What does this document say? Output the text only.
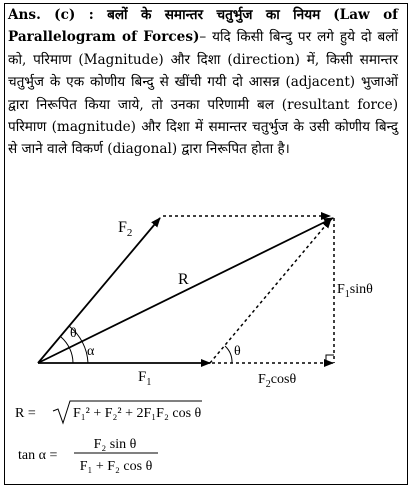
Ans. (c) : बलों के समान्तर चतुर्भुज का नियम (Law of Parallelogram of Forces)– यदि किसी बिन्दु पर लगे हुये दो बलों को, परिमाण (Magnitude) और दिशा (direction) में, किसी समान्तर चतुर्भुज के एक कोणीय बिन्दु से खींची गयी दो आसन्न (adjacent) भुजाओं द्वारा निरूपित किया जाये, तो उनका परिणामी बल (resultant force) परिमाण (magnitude) और दिशा में समान्तर चतुर्भुज के उसी कोणीय बिन्दु से जाने वाले विकर्ण (diagonal) द्वारा निरूपित होता है।
$F_2$
R
θ
α	θ
$F_1$
$F_1\sin\theta$
$F_2\cos\theta$
R =	F₁² + F₂² + 2F₁F₂ cos θ
tan α =
F₂ sin θ
F₁ + F₂ cos θ
